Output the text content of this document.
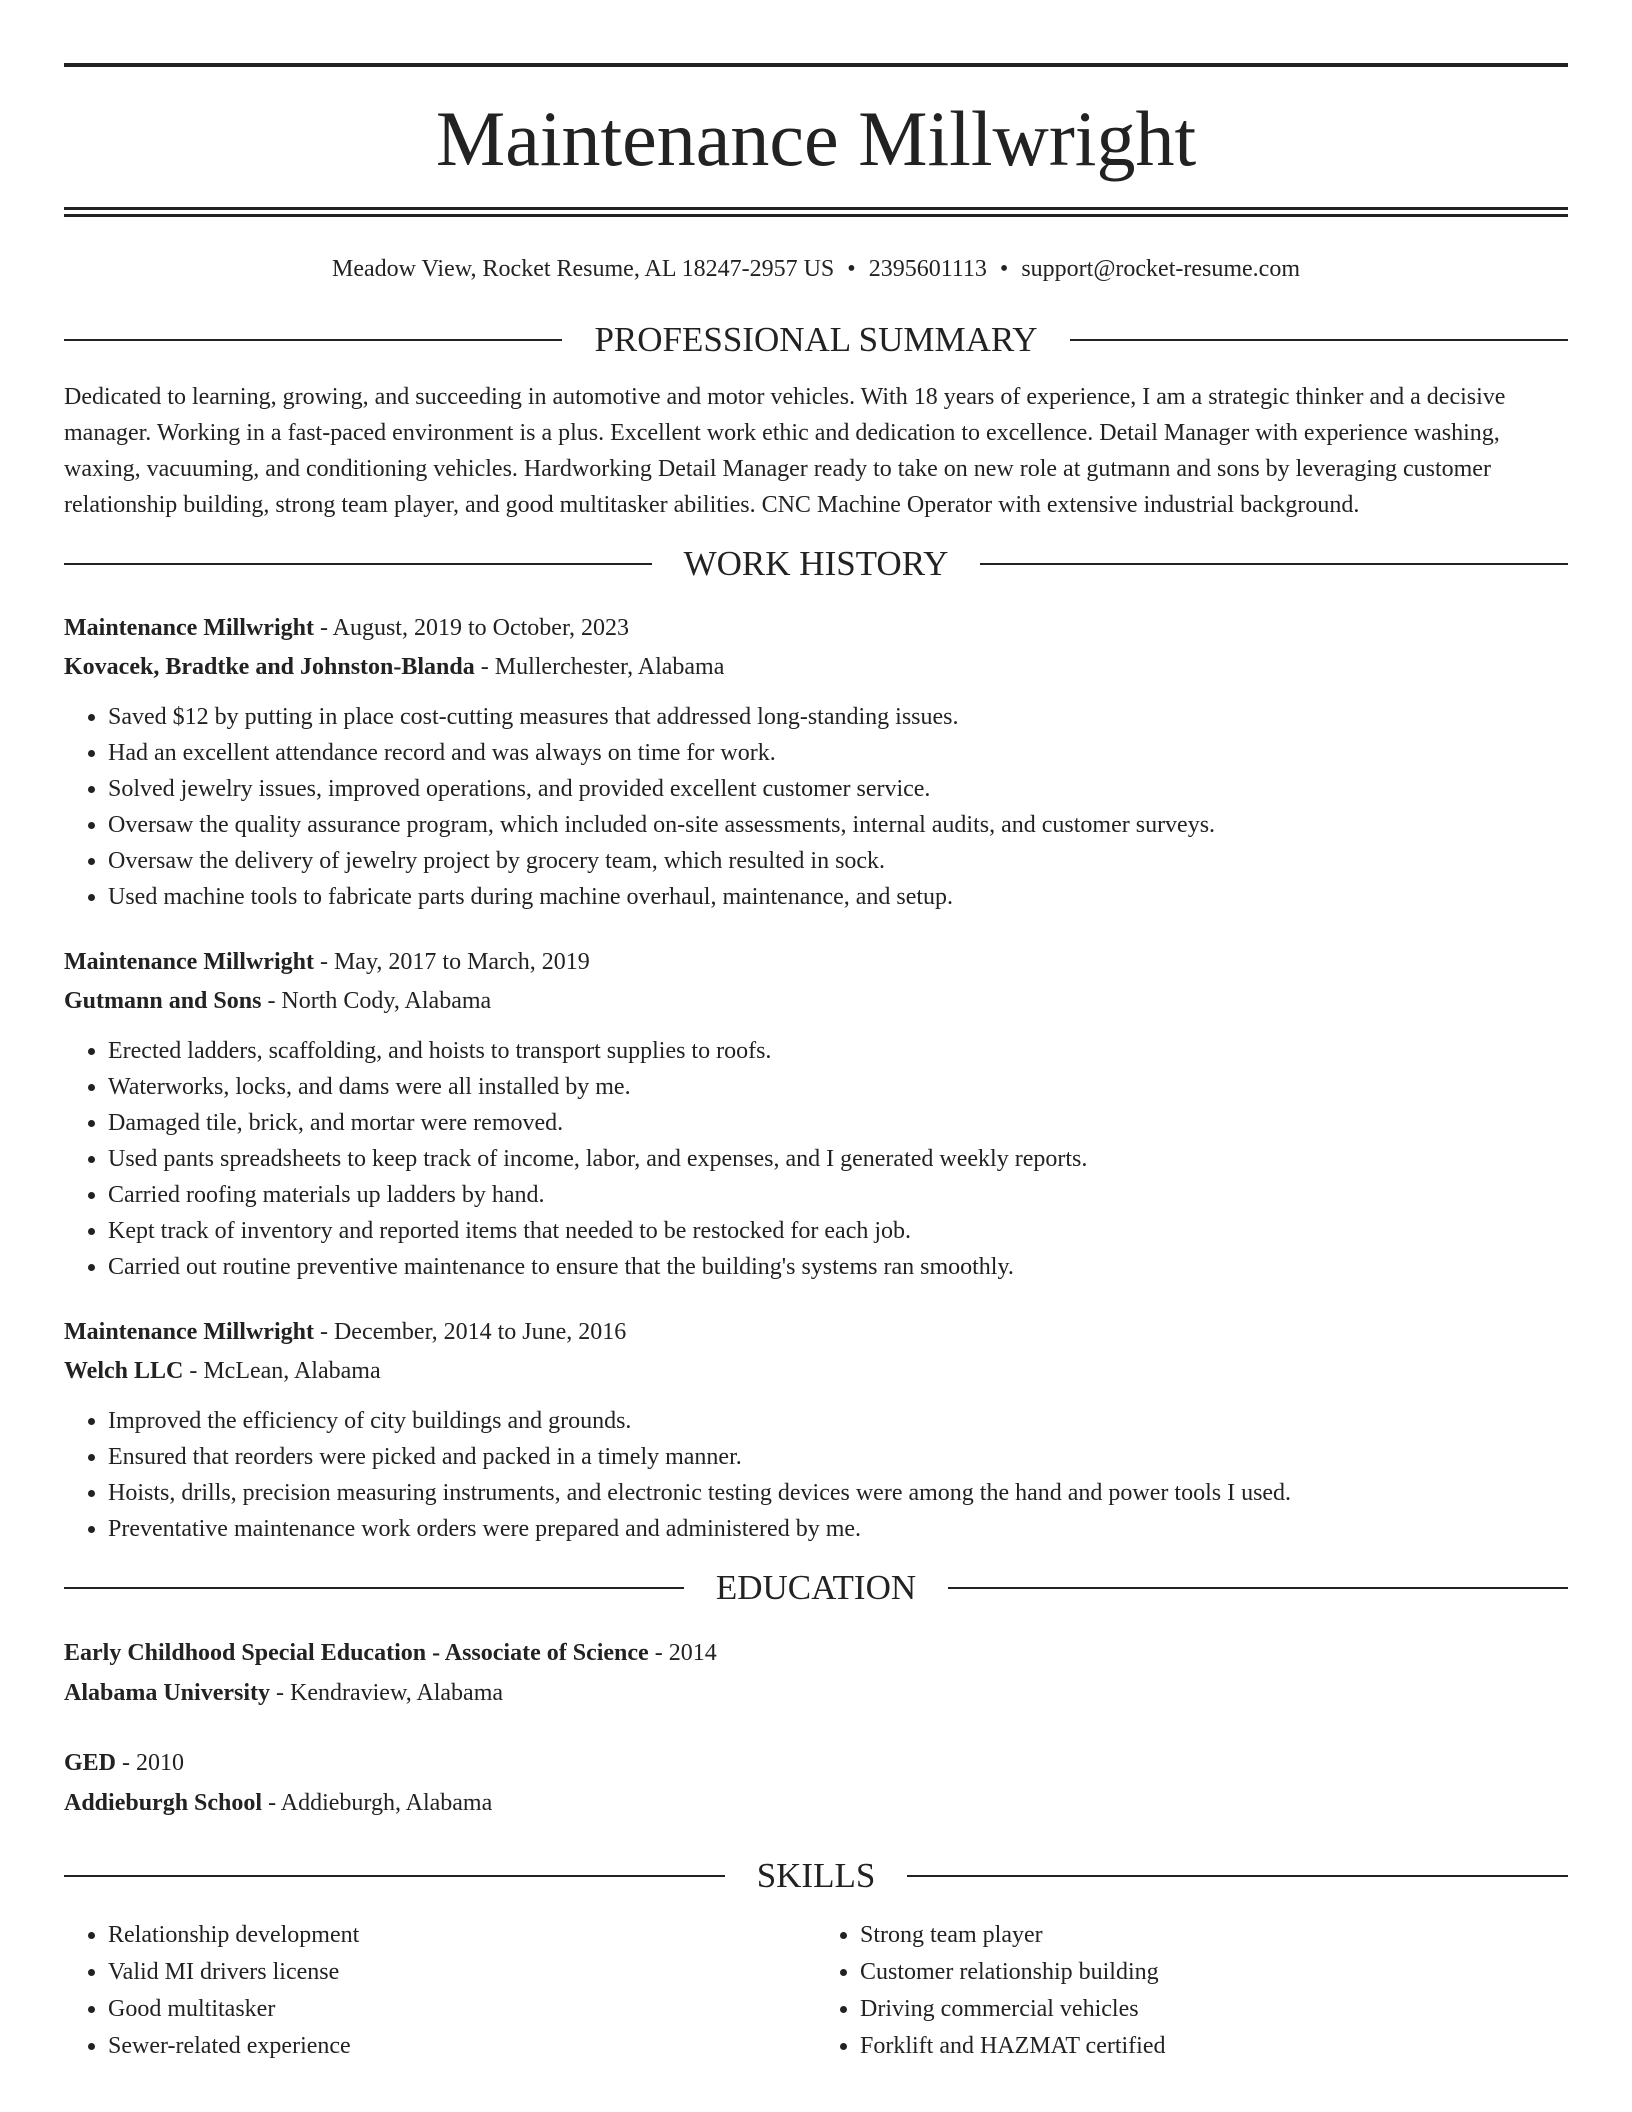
Maintenance Millwright
Meadow View, Rocket Resume, AL 18247-2957 US • 2395601113 • support@rocket-resume.com
PROFESSIONAL SUMMARY

Dedicated to learning, growing, and succeeding in automotive and motor vehicles. With 18 years of experience, I am a strategic thinker and a decisive manager. Working in a fast-paced environment is a plus. Excellent work ethic and dedication to excellence. Detail Manager with experience washing, waxing, vacuuming, and conditioning vehicles. Hardworking Detail Manager ready to take on new role at gutmann and sons by leveraging customer relationship building, strong team player, and good multitasker abilities. CNC Machine Operator with extensive industrial background.

WORK HISTORY

Maintenance Millwright - August, 2019 to October, 2023

Kovacek, Bradtke and Johnston-Blanda - Mullerchester, Alabama

• Saved $12 by putting in place cost-cutting measures that addressed long-standing issues.
• Had an excellent attendance record and was always on time for work.
• Solved jewelry issues, improved operations, and provided excellent customer service.
• Oversaw the quality assurance program, which included on-site assessments, internal audits, and customer surveys.
• Oversaw the delivery of jewelry project by grocery team, which resulted in sock.
• Used machine tools to fabricate parts during machine overhaul, maintenance, and setup.

Maintenance Millwright - May, 2017 to March, 2019

Gutmann and Sons - North Cody, Alabama

• Erected ladders, scaffolding, and hoists to transport supplies to roofs.
• Waterworks, locks, and dams were all installed by me.
• Damaged tile, brick, and mortar were removed.
• Used pants spreadsheets to keep track of income, labor, and expenses, and I generated weekly reports.
• Carried roofing materials up ladders by hand.
• Kept track of inventory and reported items that needed to be restocked for each job.
• Carried out routine preventive maintenance to ensure that the building's systems ran smoothly.

Maintenance Millwright - December, 2014 to June, 2016

Welch LLC - McLean, Alabama

• Improved the efficiency of city buildings and grounds.
• Ensured that reorders were picked and packed in a timely manner.
• Hoists, drills, precision measuring instruments, and electronic testing devices were among the hand and power tools I used.
• Preventative maintenance work orders were prepared and administered by me.
EDUCATION

Early Childhood Special Education - Associate of Science - 2014

Alabama University - Kendraview, Alabama

GED - 2010

Addieburgh School - Addieburgh, Alabama

SKILLS
• Relationship development
• Valid MI drivers license
• Good multitasker
• Sewer-related experience
• Strong team player
• Customer relationship building
• Driving commercial vehicles
• Forklift and HAZMAT certified
